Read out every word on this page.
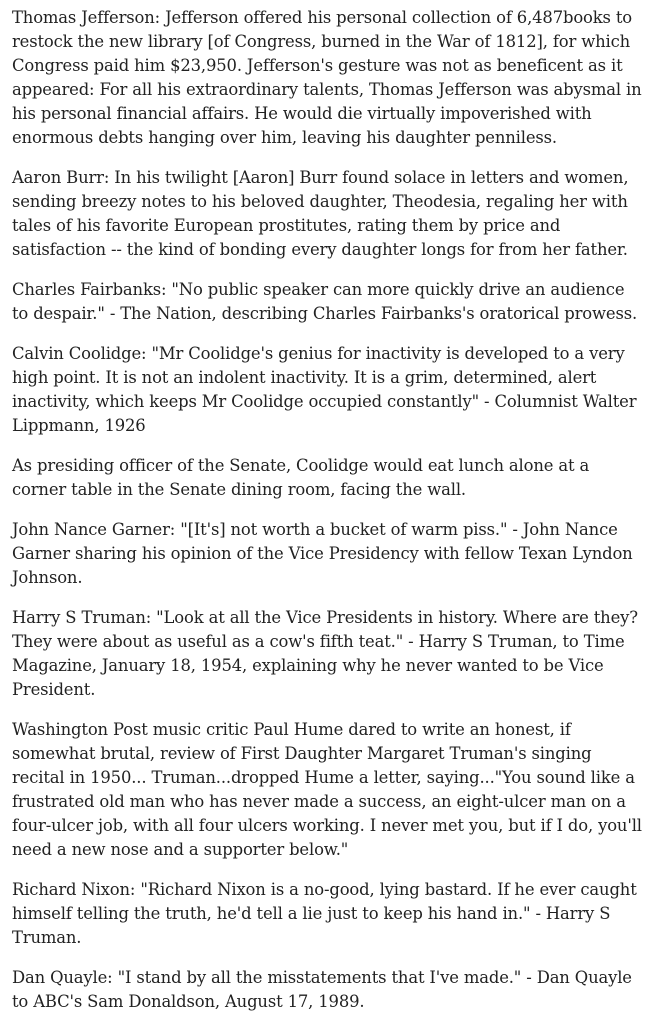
Thomas Jefferson: Jefferson offered his personal collection of 6,487books to restock the new library [of Congress, burned in the War of 1812], for which Congress paid him $23,950. Jefferson's gesture was not as beneficent as it appeared: For all his extraordinary talents, Thomas Jefferson was abysmal in his personal financial affairs. He would die virtually impoverished with enormous debts hanging over him, leaving his daughter penniless.

Aaron Burr: In his twilight [Aaron] Burr found solace in letters and women, sending breezy notes to his beloved daughter, Theodesia, regaling her with tales of his favorite European prostitutes, rating them by price and satisfaction -- the kind of bonding every daughter longs for from her father.

Charles Fairbanks: "No public speaker can more quickly drive an audience to despair." - The Nation, describing Charles Fairbanks's oratorical prowess.

Calvin Coolidge: "Mr Coolidge's genius for inactivity is developed to a very high point. It is not an indolent inactivity. It is a grim, determined, alert inactivity, which keeps Mr Coolidge occupied constantly" - Columnist Walter Lippmann, 1926

As presiding officer of the Senate, Coolidge would eat lunch alone at a corner table in the Senate dining room, facing the wall.

John Nance Garner: "[It's] not worth a bucket of warm piss." - John Nance Garner sharing his opinion of the Vice Presidency with fellow Texan Lyndon Johnson.

Harry S Truman: "Look at all the Vice Presidents in history. Where are they? They were about as useful as a cow's fifth teat." - Harry S Truman, to Time Magazine, January 18, 1954, explaining why he never wanted to be Vice President.

Washington Post music critic Paul Hume dared to write an honest, if somewhat brutal, review of First Daughter Margaret Truman's singing recital in 1950... Truman...dropped Hume a letter, saying..."You sound like a frustrated old man who has never made a success, an eight-ulcer man on a four-ulcer job, with all four ulcers working. I never met you, but if I do, you'll need a new nose and a supporter below."

Richard Nixon: "Richard Nixon is a no-good, lying bastard. If he ever caught himself telling the truth, he'd tell a lie just to keep his hand in." - Harry S Truman.

Dan Quayle: "I stand by all the misstatements that I've made." - Dan Quayle to ABC's Sam Donaldson, August 17, 1989.
